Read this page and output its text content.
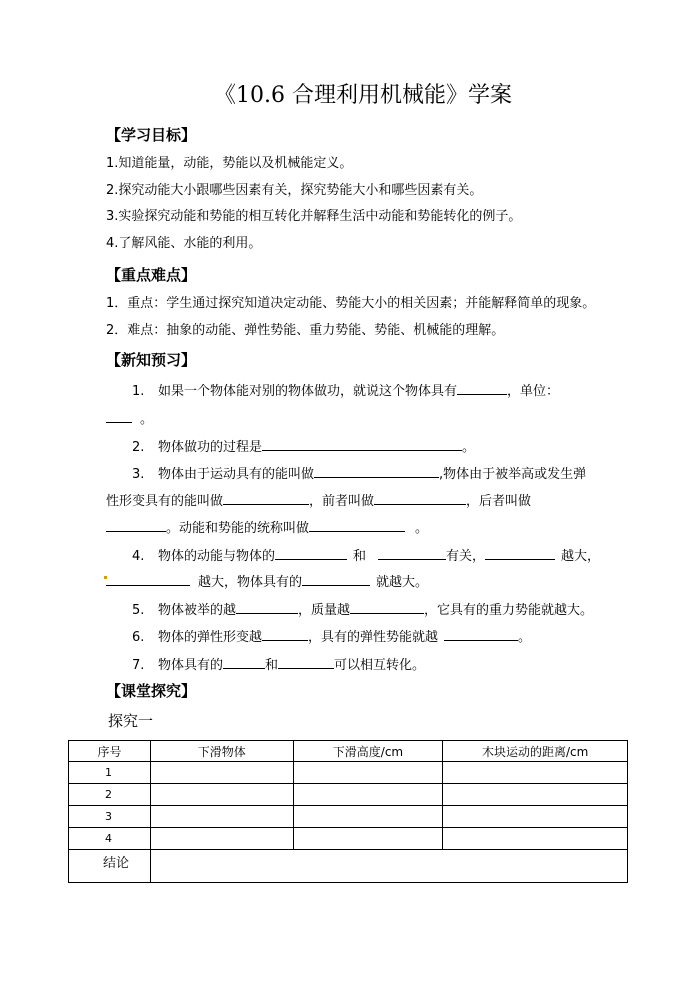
《10.6 合理利用机械能》学案
【学习目标】
1.知道能量，动能，势能以及机械能定义。
2.探究动能大小跟哪些因素有关，探究势能大小和哪些因素有关。
3.实验探究动能和势能的相互转化并解释生活中动能和势能转化的例子。
4.了解风能、水能的利用。
【重点难点】
1．重点：学生通过探究知道决定动能、势能大小的相关因素；并能解释简单的现象。
2．难点：抽象的动能、弹性势能、重力势能、势能、机械能的理解。
【新知预习】
1. 如果一个物体能对别的物体做功，就说这个物体具有	，单位：
。
2. 物体做功的过程是	。
3. 物体由于运动具有的能叫做	,物体由于被举高或发生弹
性形变具有的能叫做	，前者叫做	，后者叫做
。动能和势能的统称叫做	。
4. 物体的动能与物体的	和	有关，	越大，
越大，物体具有的	就越大。
5. 物体被举的越	，质量越	，它具有的重力势能就越大。
6. 物体的弹性形变越	，具有的弹性势能就越	。
7. 物体具有的	和	可以相互转化。
【课堂探究】
探究一
序号	下滑物体	下滑高度/cm	木块运动的距离/cm
1			
2			
3			
4			
结论			
